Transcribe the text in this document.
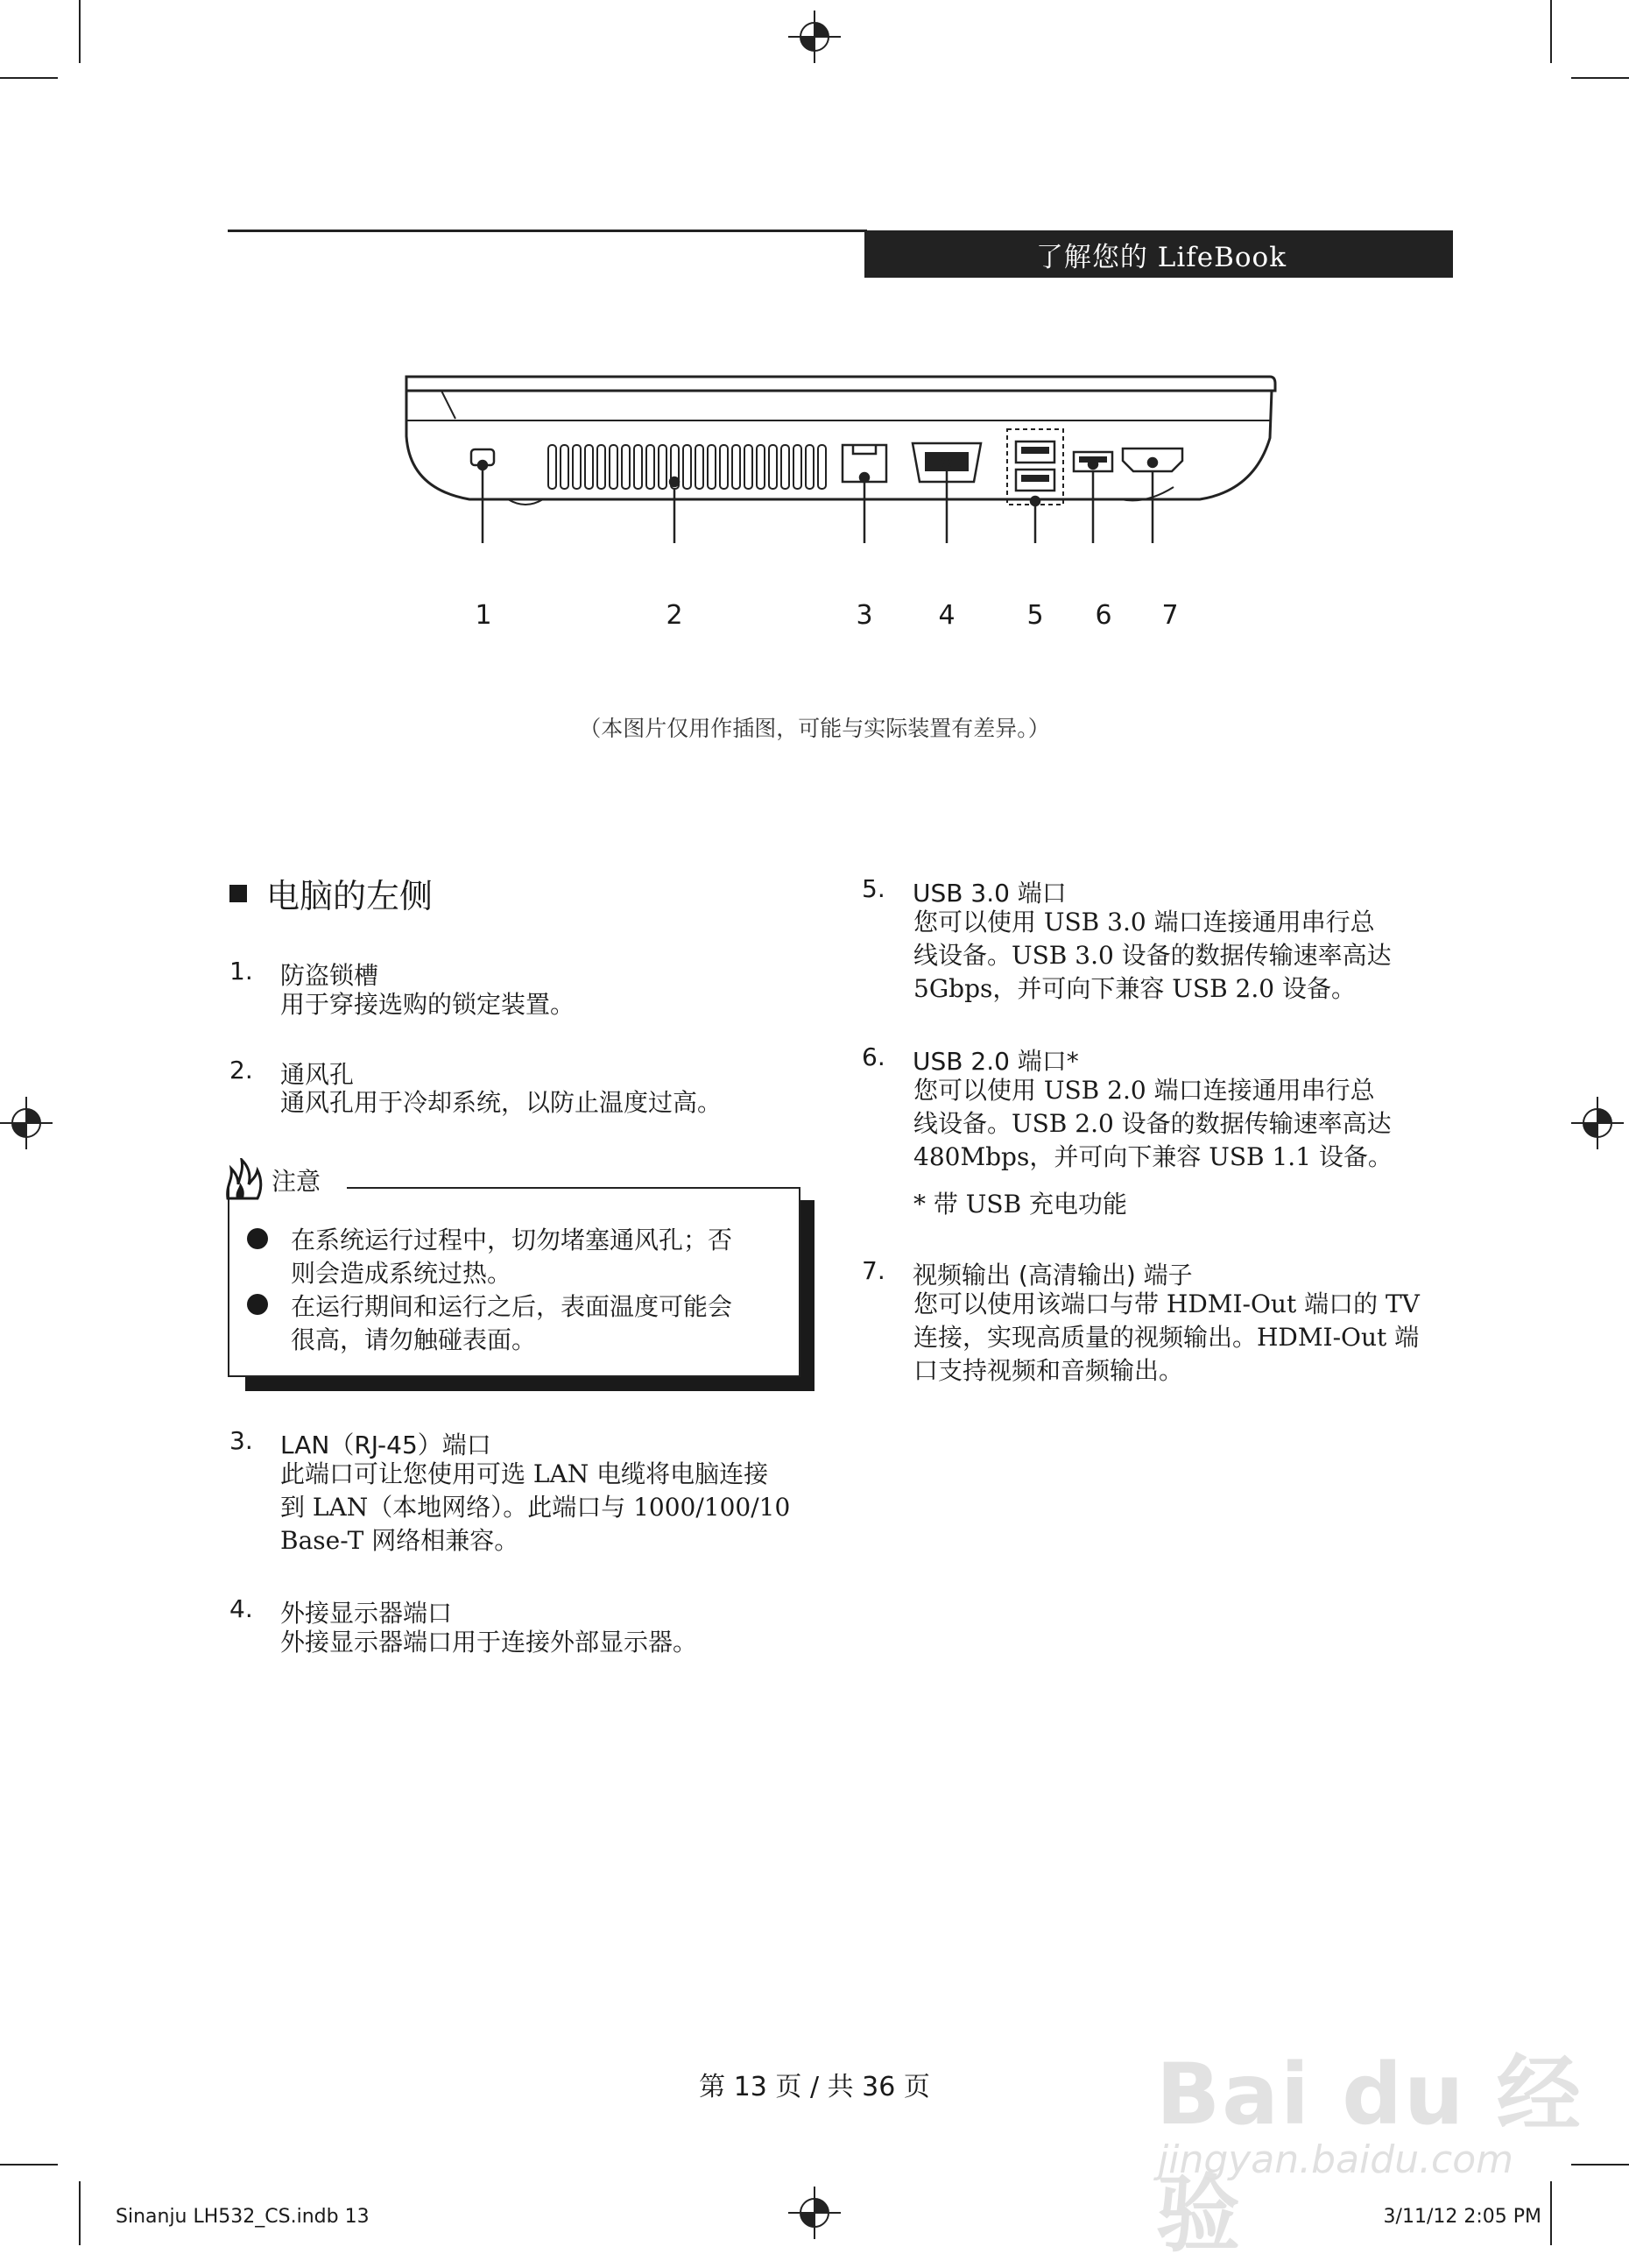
了解您的 LifeBook
1	2	3	4	5	6	7
（本图片仅用作插图，可能与实际装置有差异。）
电脑的左侧
1.	防盗锁槽
用于穿接选购的锁定装置。
2.	通风孔
通风孔用于冷却系统，以防止温度过高。
注意
在系统运行过程中，切勿堵塞通风孔；否
则会造成系统过热。
在运行期间和运行之后，表面温度可能会
很高，请勿触碰表面。
3.	LAN（RJ-45）端口
此端口可让您使用可选 LAN 电缆将电脑连接
到 LAN（本地网络）。此端口与 1000/100/10
Base-T 网络相兼容。
4.	外接显示器端口
外接显示器端口用于连接外部显示器。
5.	USB 3.0 端口
您可以使用 USB 3.0 端口连接通用串行总
线设备。USB 3.0 设备的数据传输速率高达
5Gbps，并可向下兼容 USB 2.0 设备。
6.	USB 2.0 端口*
您可以使用 USB 2.0 端口连接通用串行总
线设备。USB 2.0 设备的数据传输速率高达
480Mbps，并可向下兼容 USB 1.1 设备。
* 带 USB 充电功能
7.	视频输出 (高清输出) 端子
您可以使用该端口与带 HDMI-Out 端口的 TV
连接，实现高质量的视频输出。HDMI-Out 端
口支持视频和音频输出。
Bai du 经验
jingyan.baidu.com
第 13 页 / 共 36 页
Sinanju LH532_CS.indb 13	3/11/12 2:05 PM
